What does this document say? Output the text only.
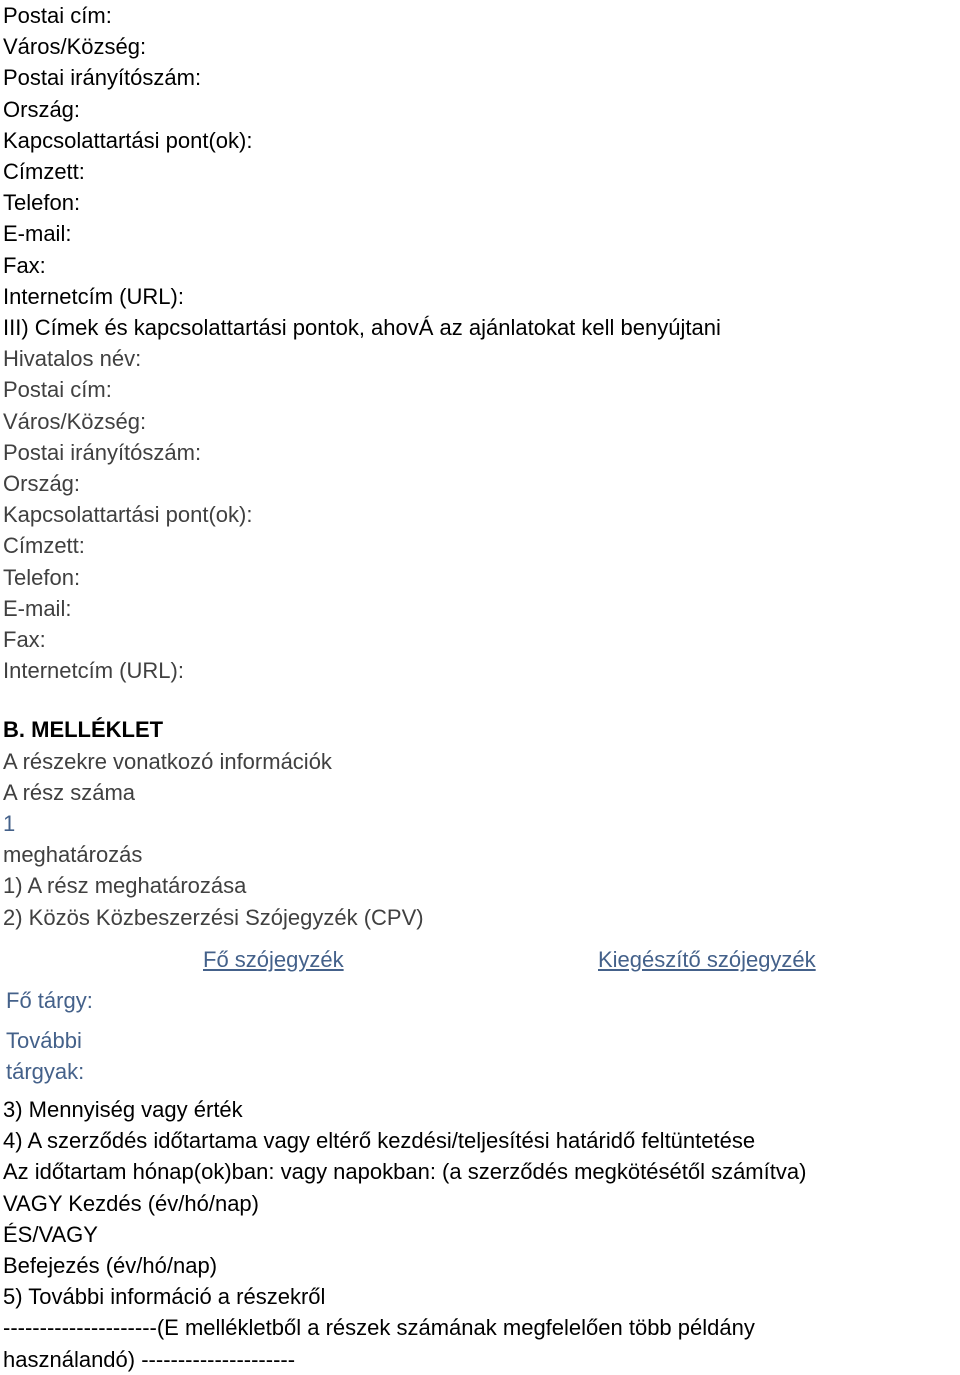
Postai cím:

Város/Község:

Postai irányítószám:

Ország:

Kapcsolattartási pont(ok):

Címzett:

Telefon:

E-mail:

Fax:

Internetcím (URL):

III) Címek és kapcsolattartási pontok, ahovÁ az ajánlatokat kell benyújtani

Hivatalos név:

Postai cím:

Város/Község:

Postai irányítószám:

Ország:

Kapcsolattartási pont(ok):

Címzett:

Telefon:

E-mail:

Fax:

Internetcím (URL):

B. MELLÉKLET

A részekre vonatkozó információk

A rész száma

1

meghatározás

1) A rész meghatározása

2) Közös Közbeszerzési Szójegyzék (CPV)

Fő szójegyzék	Kiegészítő szójegyzék
Fő tárgy:
További
tárgyak:

3) Mennyiség vagy érték

4) A szerződés időtartama vagy eltérő kezdési/teljesítési határidő feltüntetése

Az időtartam hónap(ok)ban: vagy napokban: (a szerződés megkötésétől számítva)

VAGY Kezdés (év/hó/nap)

ÉS/VAGY

Befejezés (év/hó/nap)

5) További információ a részekről

---------------------(E mellékletből a részek számának megfelelően több példány

használandó) ---------------------
